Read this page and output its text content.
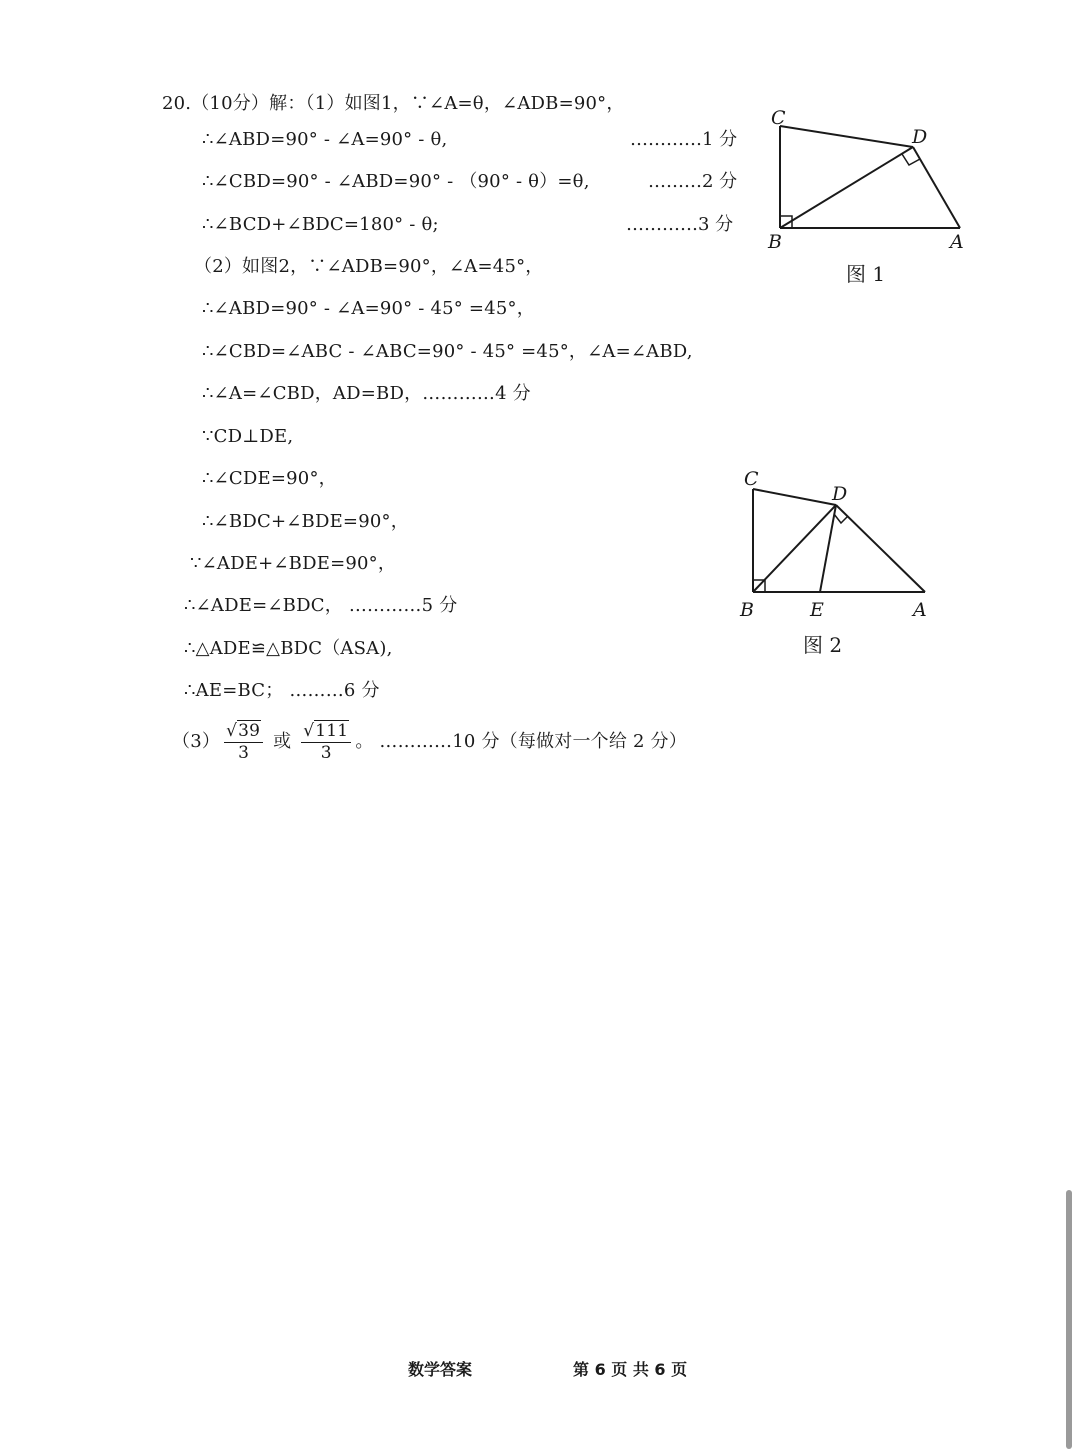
20.（10分）解：（1）如图1，∵∠A=θ，∠ADB=90°，
∴∠ABD=90° - ∠A=90° - θ,	…………1 分
∴∠CBD=90° - ∠ABD=90° - （90° - θ）=θ,	………2 分
∴∠BCD+∠BDC=180° - θ;	…………3 分
（2）如图2，∵∠ADB=90°，∠A=45°，
∴∠ABD=90° - ∠A=90° - 45° =45°，
∴∠CBD=∠ABC - ∠ABC=90° - 45° =45°，∠A=∠ABD,
∴∠A=∠CBD，AD=BD，…………4 分
∵CD⊥DE,
∴∠CDE=90°，
∴∠BDC+∠BDE=90°，
∵∠ADE+∠BDE=90°，
∴∠ADE=∠BDC， …………5 分
∴△ADE≌△BDC（ASA),
∴AE=BC； ………6 分
$(3) \frac{√39}{3}$ 或 $\frac{√111}{3}$ 。 …………10 分（每做对一个给 2 分）
C
D
B	A
图 1
C
D
B	E	A
图 2
数学答案	第 6 页 共 6 页
